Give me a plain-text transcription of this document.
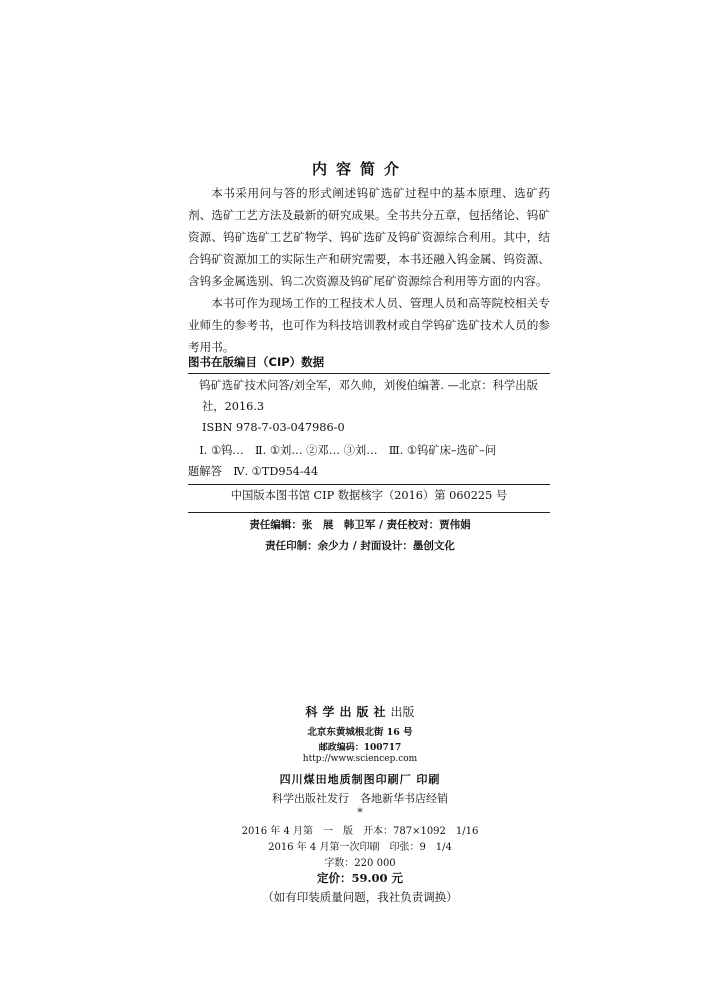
内容简介

本书采用问与答的形式阐述钨矿选矿过程中的基本原理、选矿药剂、选矿工艺方法及最新的研究成果。全书共分五章，包括绪论、钨矿资源、钨矿选矿工艺矿物学、钨矿选矿及钨矿资源综合利用。其中，结合钨矿资源加工的实际生产和研究需要，本书还融入钨金属、钨资源、含钨多金属选别、钨二次资源及钨矿尾矿资源综合利用等方面的内容。

本书可作为现场工作的工程技术人员、管理人员和高等院校相关专业师生的参考书，也可作为科技培训教材或自学钨矿选矿技术人员的参考用书。

图书在版编目（CIP）数据
钨矿选矿技术问答/刘全军，邓久帅，刘俊伯编著. —北京：科学出版
社，2016.3
ISBN 978-7-03-047986-0
Ⅰ. ①钨…　Ⅱ. ①刘… ②邓… ③刘…　Ⅲ. ①钨矿床–选矿–问
题解答　Ⅳ. ①TD954-44
中国版本图书馆 CIP 数据核字（2016）第 060225 号
责任编辑：张　展　韩卫军 / 责任校对：贾伟娟
责任印制：余少力 / 封面设计：墨创文化
科学出版社出版
北京东黄城根北街 16 号
邮政编码：100717
http://www.sciencep.com
四川煤田地质制图印刷厂 印刷
科学出版社发行　各地新华书店经销
*
2016 年 4 月第　一　版　开本：787×1092　1/16
2016 年 4 月第一次印刷　印张：9　1/4
字数：220 000
定价：59.00 元
（如有印装质量问题，我社负责调换）
